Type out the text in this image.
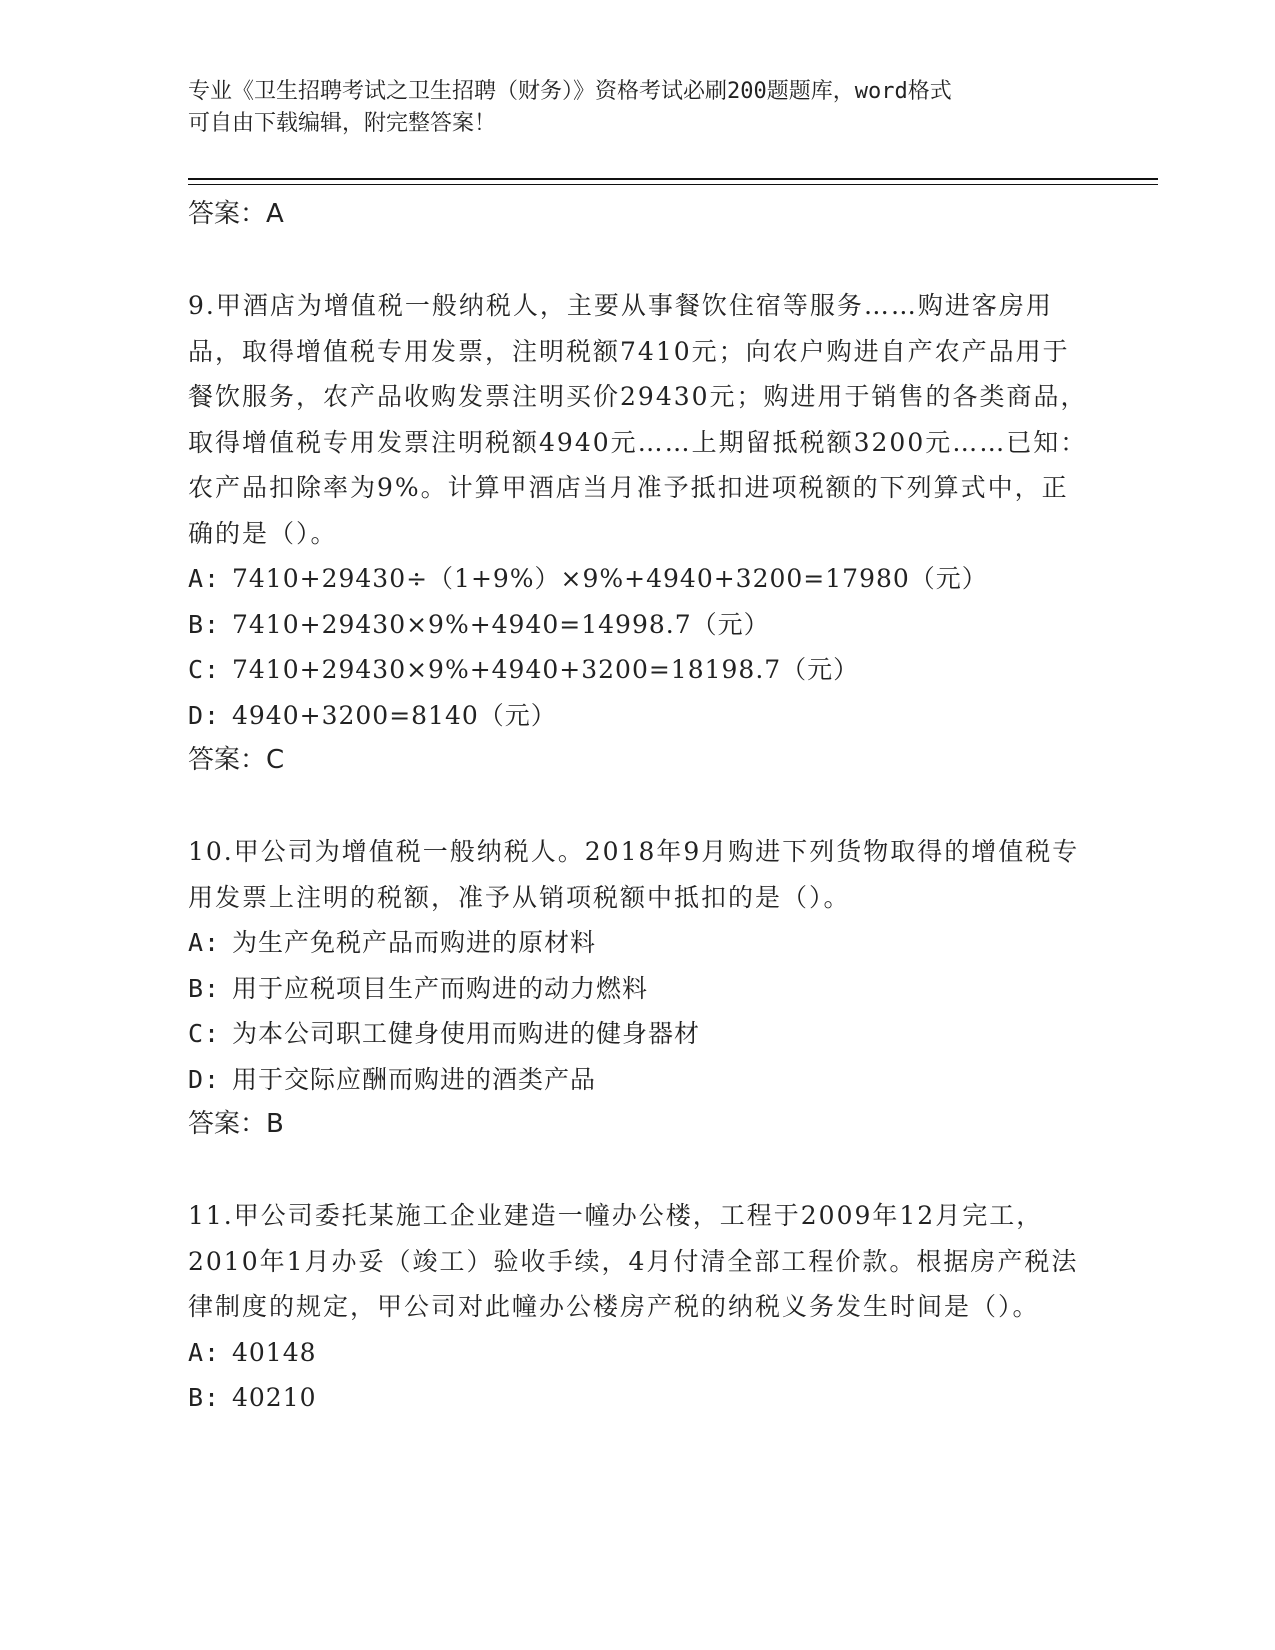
专业《卫生招聘考试之卫生招聘（财务）》资格考试必刷200题题库，word格式
可自由下载编辑，附完整答案！
答案：A
9.甲酒店为增值税一般纳税人，主要从事餐饮住宿等服务……购进客房用品，取得增值税专用发票，注明税额7410元；向农户购进自产农产品用于餐饮服务，农产品收购发票注明买价29430元；购进用于销售的各类商品，取得增值税专用发票注明税额4940元……上期留抵税额3200元……已知：农产品扣除率为9%。计算甲酒店当月准予抵扣进项税额的下列算式中，正确的是（）。
A: 7410+29430÷（1+9%）×9%+4940+3200=17980（元）
B: 7410+29430×9%+4940=14998.7（元）
C: 7410+29430×9%+4940+3200=18198.7（元）
D: 4940+3200=8140（元）
答案：C
10.甲公司为增值税一般纳税人。2018年9月购进下列货物取得的增值税专用发票上注明的税额，准予从销项税额中抵扣的是（）。
A: 为生产免税产品而购进的原材料
B: 用于应税项目生产而购进的动力燃料
C: 为本公司职工健身使用而购进的健身器材
D: 用于交际应酬而购进的酒类产品
答案：B
11.甲公司委托某施工企业建造一幢办公楼，工程于2009年12月完工，2010年1月办妥（竣工）验收手续，4月付清全部工程价款。根据房产税法律制度的规定，甲公司对此幢办公楼房产税的纳税义务发生时间是（）。
A: 40148
B: 40210
